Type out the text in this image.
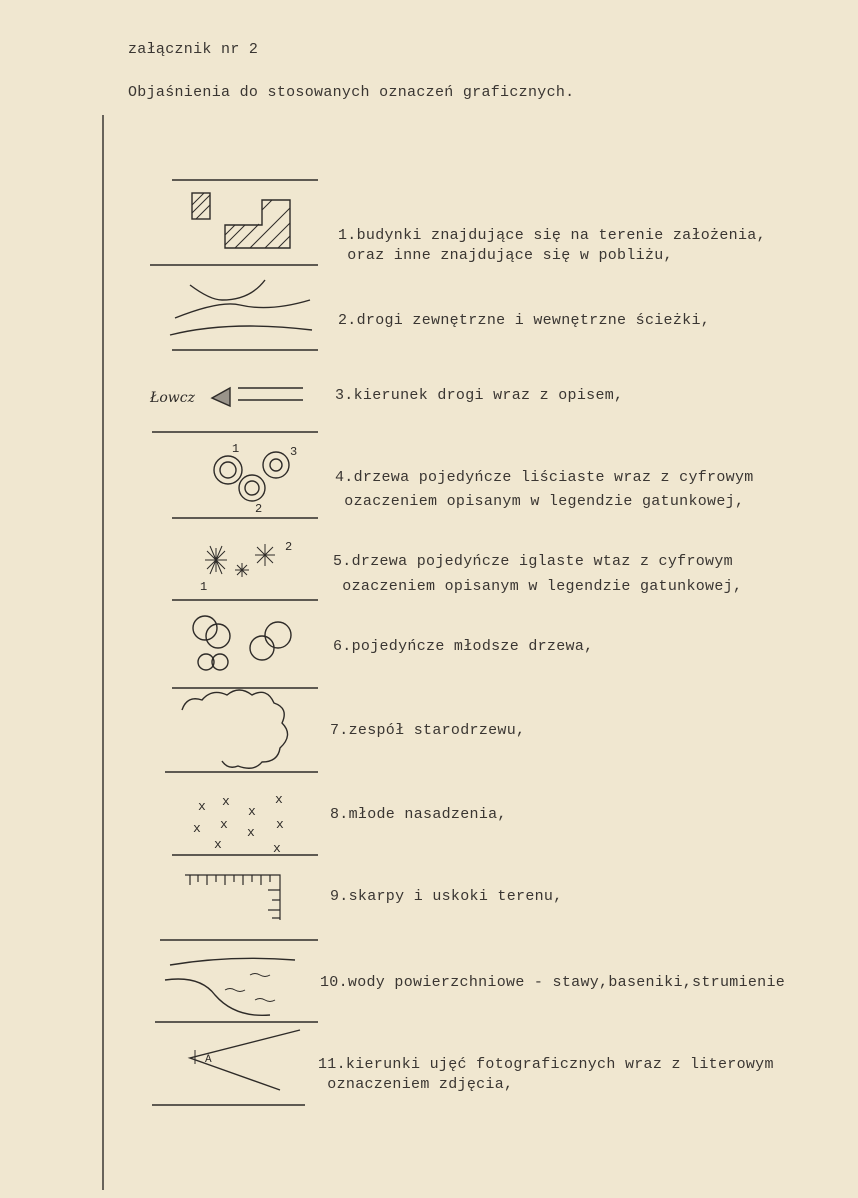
załącznik nr 2
Objaśnienia do stosowanych oznaczeń graficznych.
Łowcz
1
2
3
1
2
x x	x
x x
x
x
x
x
x
A
1.budynki znajdujące się na terenie założenia,
oraz inne znajdujące się w pobliżu,
2.drogi zewnętrzne i wewnętrzne ścieżki,
3.kierunek drogi wraz z opisem,
4.drzewa pojedyńcze liściaste wraz z cyfrowym
ozaczeniem opisanym w legendzie gatunkowej,
5.drzewa pojedyńcze iglaste wtaz z cyfrowym
ozaczeniem opisanym w legendzie gatunkowej,
6.pojedyńcze młodsze drzewa,
7.zespół starodrzewu,
8.młode nasadzenia,
9.skarpy i uskoki terenu,
10.wody powierzchniowe - stawy,baseniki,strumienie
11.kierunki ujęć fotograficznych wraz z literowym
oznaczeniem zdjęcia,
